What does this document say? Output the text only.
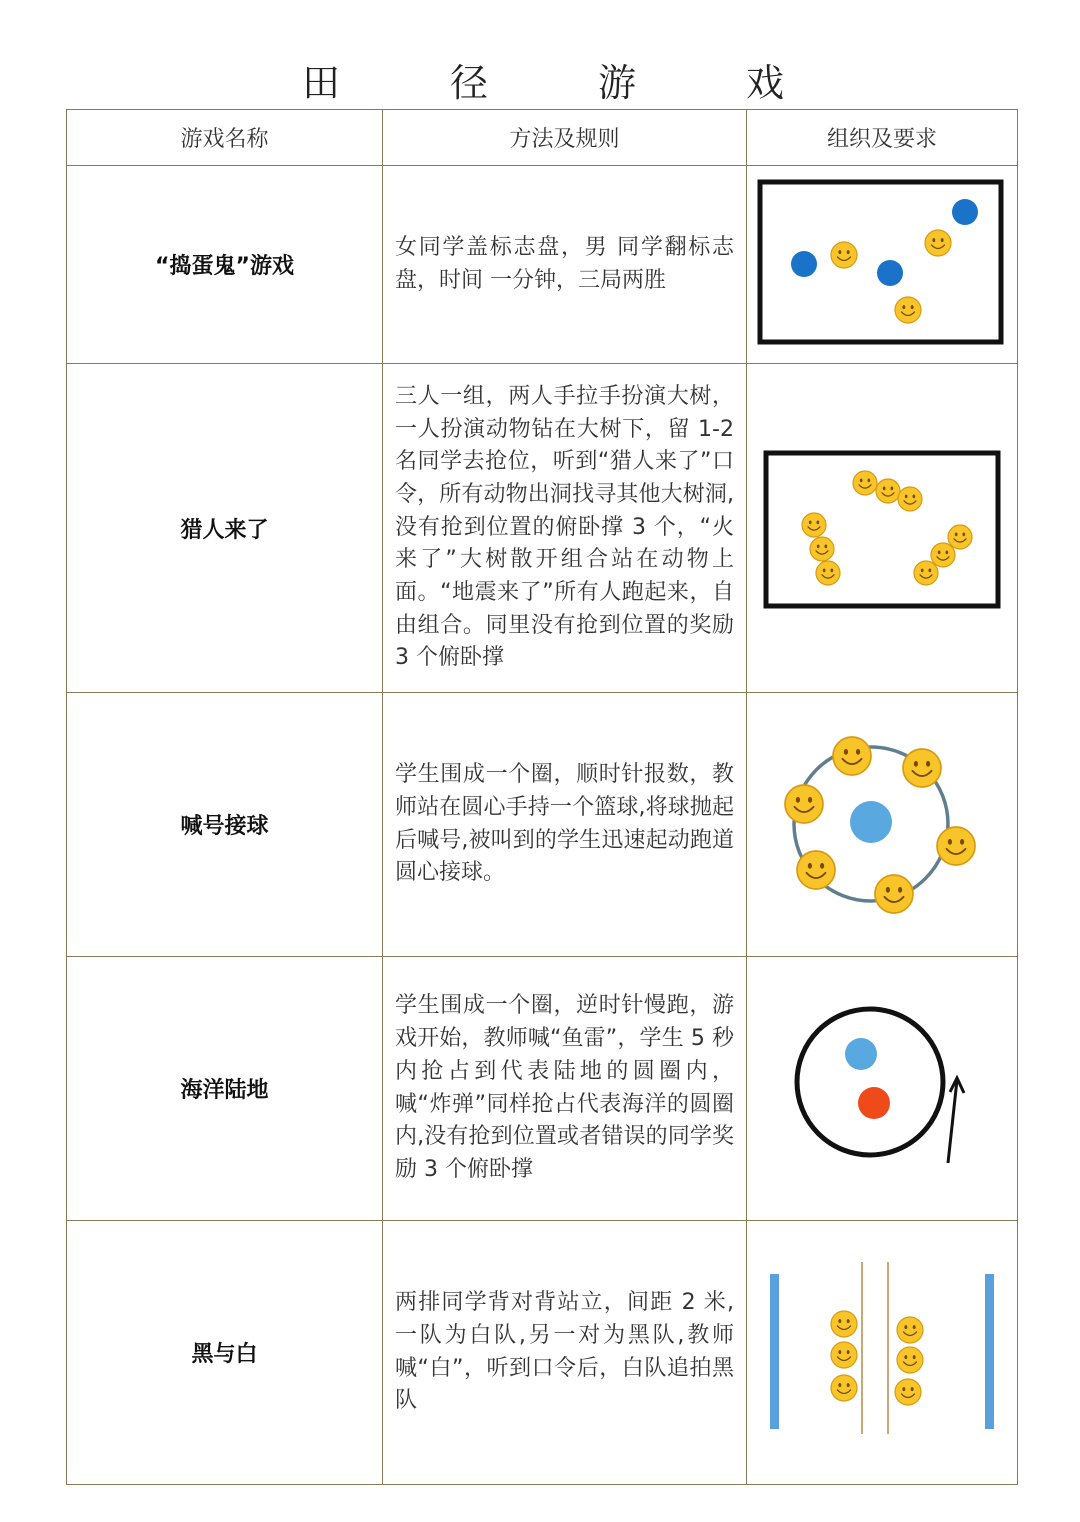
田	径	游	戏
游戏名称	方法及规则	组织及要求
“捣蛋鬼”游戏	女同学盖标志盘，男 同学翻标志盘，时间 一分钟，三局两胜	

猎人来了	三人一组，两人手拉手扮演大树，一人扮演动物钻在大树下，留 1-2 名同学去抢位，听到“猎人来了”口令，所有动物出洞找寻其他大树洞,没有抢到位置的俯卧撑 3 个，“火来了”大树散开组合站在动物上面。“地震来了”所有人跑起来，自由组合。同里没有抢到位置的奖励 3 个俯卧撑	

喊号接球	学生围成一个圈，顺时针报数，教师站在圆心手持一个篮球,将球抛起后喊号,被叫到的学生迅速起动跑道圆心接球。	

海洋陆地	学生围成一个圈，逆时针慢跑，游戏开始，教师喊“鱼雷”，学生 5 秒内抢占到代表陆地的圆圈内，喊“炸弹”同样抢占代表海洋的圆圈内,没有抢到位置或者错误的同学奖励 3 个俯卧撑	

黑与白	两排同学背对背站立，间距 2 米,一队为白队,另一对为黑队,教师喊“白”，听到口令后，白队追拍黑队	
